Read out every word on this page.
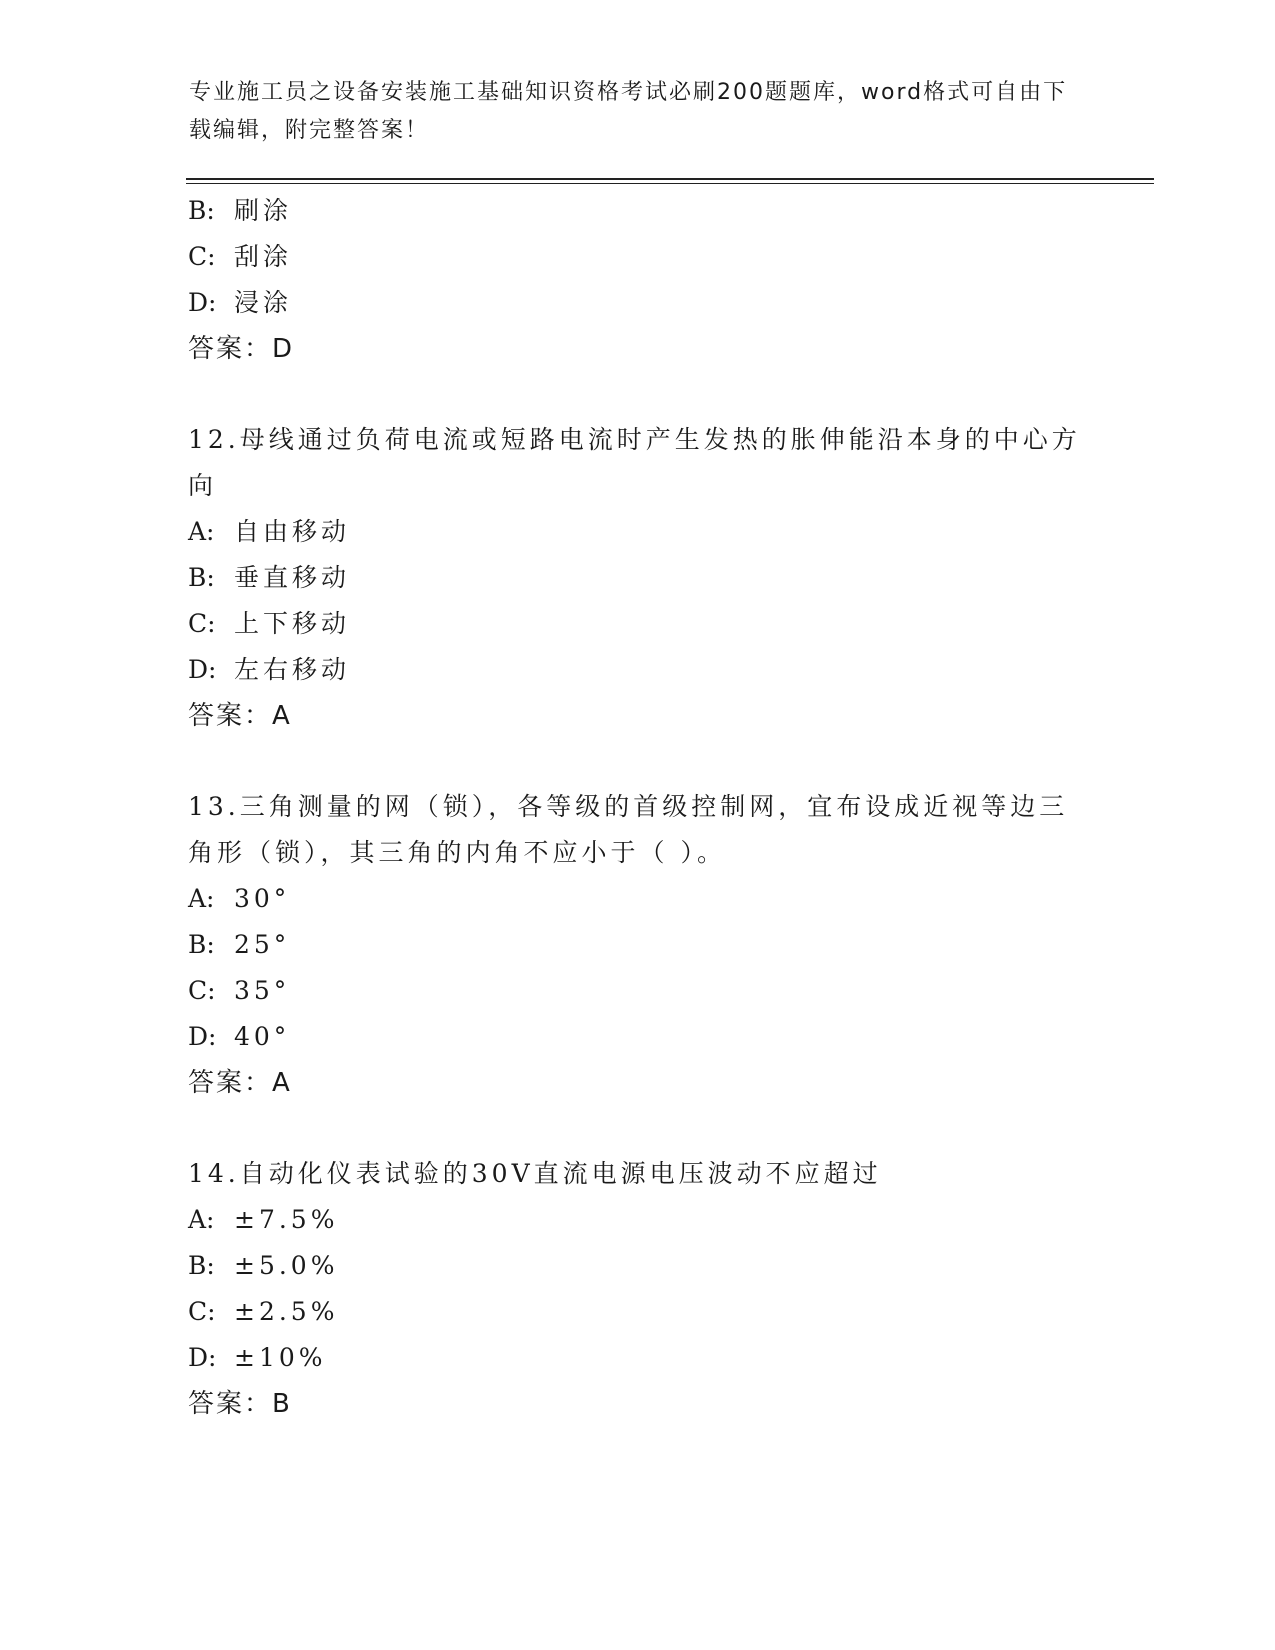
专业施工员之设备安装施工基础知识资格考试必刷200题题库，word格式可自由下载编辑，附完整答案！
B: 刷涂
C: 刮涂
D: 浸涂
答案：D
12.母线通过负荷电流或短路电流时产生发热的胀伸能沿本身的中心方
向
A: 自由移动
B: 垂直移动
C: 上下移动
D: 左右移动
答案：A
13.三角测量的网（锁），各等级的首级控制网，宜布设成近视等边三
角形（锁），其三角的内角不应小于（ ）。
A: 30°
B: 25°
C: 35°
D: 40°
答案：A
14.自动化仪表试验的30V直流电源电压波动不应超过
A: ±7.5%
B: ±5.0%
C: ±2.5%
D: ±10%
答案：B
